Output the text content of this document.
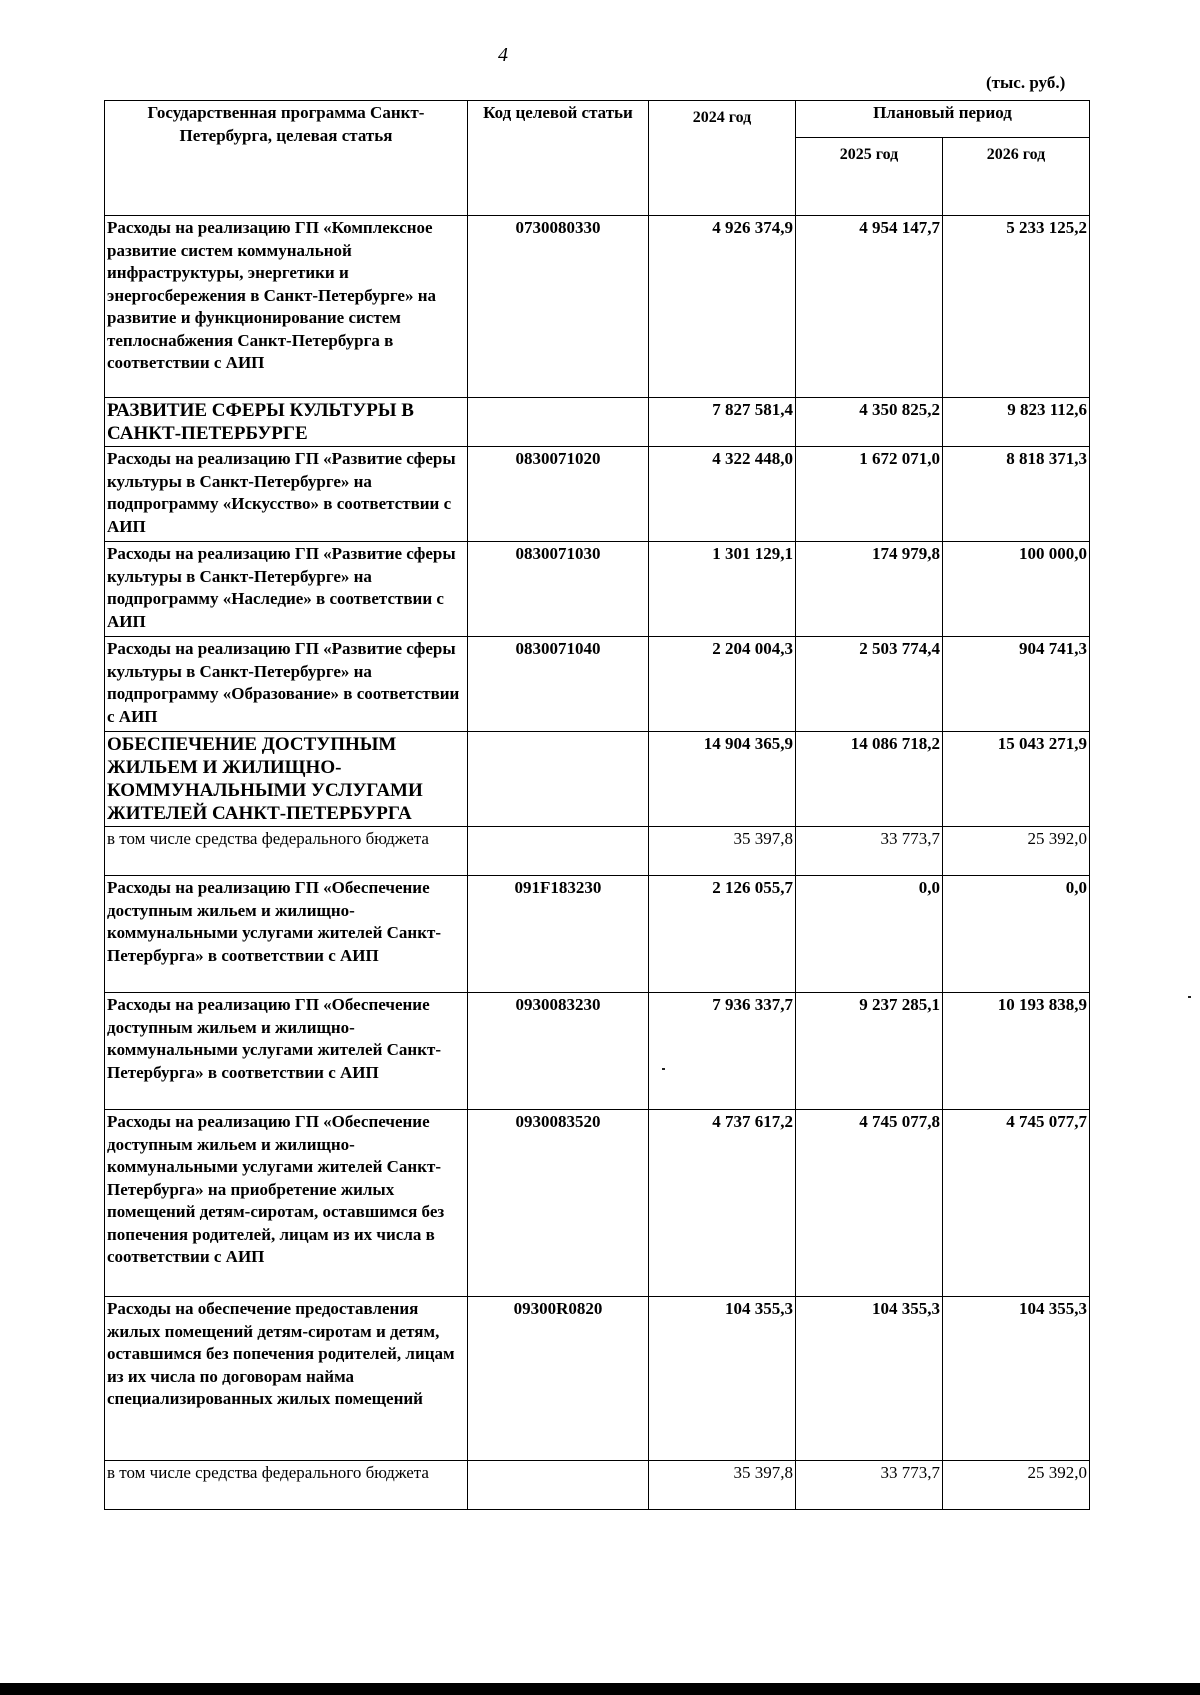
4
(тыс. руб.)
Государственная программа Санкт-Петербурга, целевая статья	Код целевой статьи	2024 год	Плановый период	
			2025 год	2026 год
Расходы на реализацию ГП «Комплексное развитие систем коммунальной инфраструктуры, энергетики и энергосбережения в Санкт-Петербурге» на развитие и функционирование систем теплоснабжения Санкт-Петербурга в соответствии с АИП	0730080330	4 926 374,9	4 954 147,7	5 233 125,2
РАЗВИТИЕ СФЕРЫ КУЛЬТУРЫ В САНКТ-ПЕТЕРБУРГЕ		7 827 581,4	4 350 825,2	9 823 112,6
Расходы на реализацию ГП «Развитие сферы культуры в Санкт-Петербурге» на подпрограмму «Искусство» в соответствии с АИП	0830071020	4 322 448,0	1 672 071,0	8 818 371,3
Расходы на реализацию ГП «Развитие сферы культуры в Санкт-Петербурге» на подпрограмму «Наследие» в соответствии с АИП	0830071030	1 301 129,1	174 979,8	100 000,0
Расходы на реализацию ГП «Развитие сферы культуры в Санкт-Петербурге» на подпрограмму «Образование» в соответствии с АИП	0830071040	2 204 004,3	2 503 774,4	904 741,3
ОБЕСПЕЧЕНИЕ ДОСТУПНЫМ ЖИЛЬЕМ И ЖИЛИЩНО-КОММУНАЛЬНЫМИ УСЛУГАМИ ЖИТЕЛЕЙ САНКТ-ПЕТЕРБУРГА		14 904 365,9	14 086 718,2	15 043 271,9
в том числе средства федерального бюджета		35 397,8	33 773,7	25 392,0
Расходы на реализацию ГП «Обеспечение доступным жильем и жилищно-коммунальными услугами жителей Санкт-Петербурга» в соответствии с АИП	091F183230	2 126 055,7	0,0	0,0
Расходы на реализацию ГП «Обеспечение доступным жильем и жилищно-коммунальными услугами жителей Санкт-Петербурга» в соответствии с АИП	0930083230	7 936 337,7	9 237 285,1	10 193 838,9
Расходы на реализацию ГП «Обеспечение доступным жильем и жилищно-коммунальными услугами жителей Санкт-Петербурга» на приобретение жилых помещений детям-сиротам, оставшимся без попечения родителей, лицам из их числа в соответствии с АИП	0930083520	4 737 617,2	4 745 077,8	4 745 077,7
Расходы на обеспечение предоставления жилых помещений детям-сиротам и детям, оставшимся без попечения родителей, лицам из их числа по договорам найма специализированных жилых помещений	09300R0820	104 355,3	104 355,3	104 355,3
в том числе средства федерального бюджета		35 397,8	33 773,7	25 392,0
